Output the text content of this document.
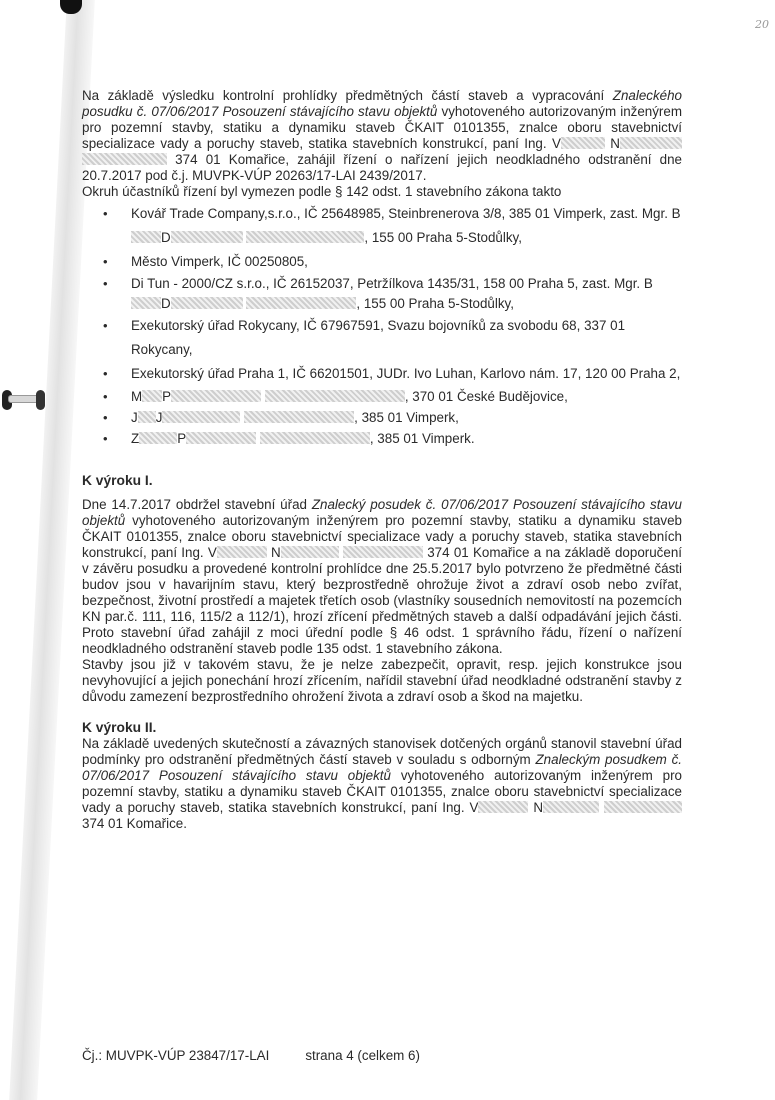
20

Na základě výsledku kontrolní prohlídky předmětných částí staveb a vypracování Znaleckého posudku č. 07/06/2017 Posouzení stávajícího stavu objektů vyhotoveného autorizovaným inženýrem pro pozemní stavby, statiku a dynamiku staveb ČKAIT 0101355, znalce oboru stavebnictví specializace vady a poruchy staveb, statika stavebních konstrukcí, paní Ing. V	N  374 01 Komařice, zahájil řízení o nařízení jejich neodkladného odstranění dne 20.7.2017 pod č.j. MUVPK-VÚP 20263/17-LAI 2439/2017.

Okruh účastníků řízení byl vymezen podle § 142 odst. 1 stavebního zákona takto

• Kovář Trade Company,s.r.o., IČ 25648985, Steinbrenerova 3/8, 385 01 Vimperk, zast. Mgr. BD	, 155 00 Praha 5-Stodůlky,
• Město Vimperk, IČ 00250805,
• Di Tun - 2000/CZ s.r.o., IČ 26152037, Petržílkova 1435/31, 158 00 Praha 5, zast. Mgr. BD	, 155 00 Praha 5-Stodůlky,
• Exekutorský úřad Rokycany, IČ 67967591, Svazu bojovníků za svobodu 68, 337 01 Rokycany,
• Exekutorský úřad Praha 1, IČ 66201501, JUDr. Ivo Luhan, Karlovo nám. 17, 120 00 Praha 2,
• M P	, 370 01 České Budějovice,
• J J	, 385 01 Vimperk,
• Z	P	, 385 01 Vimperk.
K výroku I.

Dne 14.7.2017 obdržel stavební úřad Znalecký posudek č. 07/06/2017 Posouzení stávajícího stavu objektů vyhotoveného autorizovaným inženýrem pro pozemní stavby, statiku a dynamiku staveb ČKAIT 0101355, znalce oboru stavebnictví specializace vady a poruchy staveb, statika stavebních konstrukcí, paní Ing. V	N	374 01 Komařice a na základě doporučení v závěru posudku a provedené kontrolní prohlídce dne 25.5.2017 bylo potvrzeno že předmětné části budov jsou v havarijním stavu, který bezprostředně ohrožuje život a zdraví osob nebo zvířat, bezpečnost, životní prostředí a majetek třetích osob (vlastníky sousedních nemovitostí na pozemcích KN par.č. 111, 116, 115/2 a 112/1), hrozí zřícení předmětných staveb a další odpadávání jejich části. Proto stavební úřad zahájil z moci úřední podle § 46 odst. 1 správního řádu, řízení o nařízení neodkladného odstranění staveb podle 135 odst. 1 stavebního zákona.

Stavby jsou již v takovém stavu, že je nelze zabezpečit, opravit, resp. jejich konstrukce jsou nevyhovující a jejich ponechání hrozí zřícením, nařídil stavební úřad neodkladné odstranění stavby z důvodu zamezení bezprostředního ohrožení života a zdraví osob a škod na majetku.

K výroku II.

Na základě uvedených skutečností a závazných stanovisek dotčených orgánů stanovil stavební úřad podmínky pro odstranění předmětných částí staveb v souladu s odborným Znaleckým posudkem č. 07/06/2017 Posouzení stávajícího stavu objektů vyhotoveného autorizovaným inženýrem pro pozemní stavby, statiku a dynamiku staveb ČKAIT 0101355, znalce oboru stavebnictví specializace vady a poruchy staveb, statika stavebních konstrukcí, paní Ing. V	N  374 01 Komařice.

Čj.: MUVPK-VÚP 23847/17-LAI	strana 4 (celkem 6)
